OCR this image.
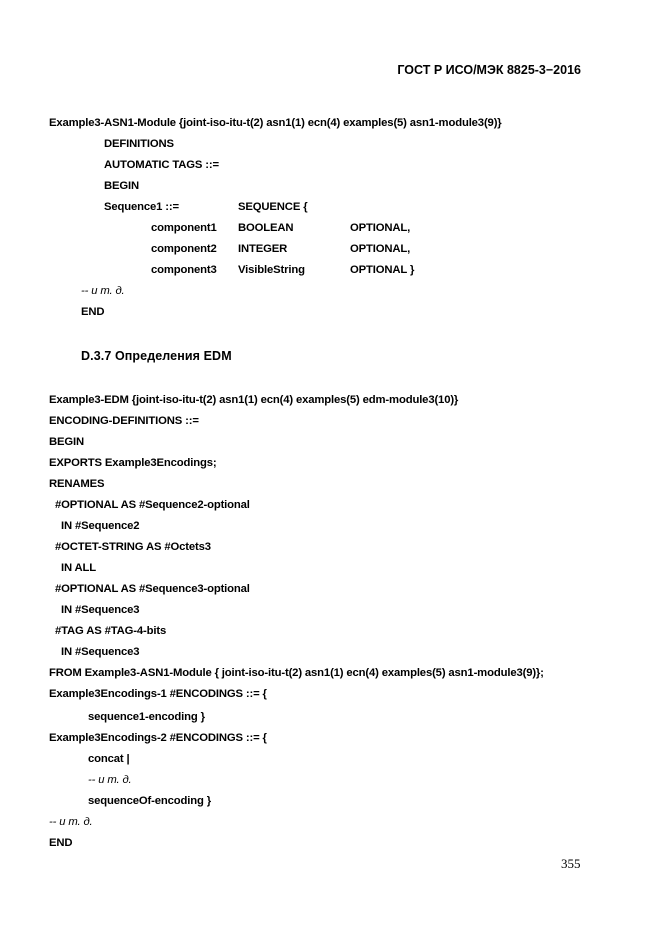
ГОСТ Р ИСО/МЭК 8825-3−2016
Example3-ASN1-Module {joint-iso-itu-t(2) asn1(1) ecn(4) examples(5) asn1-module3(9)}
DEFINITIONS
AUTOMATIC TAGS ::=
BEGIN
Sequence1 ::=	SEQUENCE {
component1 BOOLEAN	OPTIONAL,
component2 INTEGER	OPTIONAL,
component3 VisibleString	OPTIONAL }
-- и т. д.
END
D.3.7 Определения EDM
Example3-EDM {joint-iso-itu-t(2) asn1(1) ecn(4) examples(5) edm-module3(10)}
ENCODING-DEFINITIONS ::=
BEGIN
EXPORTS Example3Encodings;
RENAMES
#OPTIONAL AS #Sequence2-optional
IN #Sequence2
#OCTET-STRING AS #Octets3
IN ALL
#OPTIONAL AS #Sequence3-optional
IN #Sequence3
#TAG AS #TAG-4-bits
IN #Sequence3
FROM Example3-ASN1-Module { joint-iso-itu-t(2) asn1(1) ecn(4) examples(5) asn1-module3(9)};
Example3Encodings-1 #ENCODINGS ::= {
sequence1-encoding }
Example3Encodings-2 #ENCODINGS ::= {
concat |
-- и т. д.
sequenceOf-encoding }
-- и т. д.
END
355
